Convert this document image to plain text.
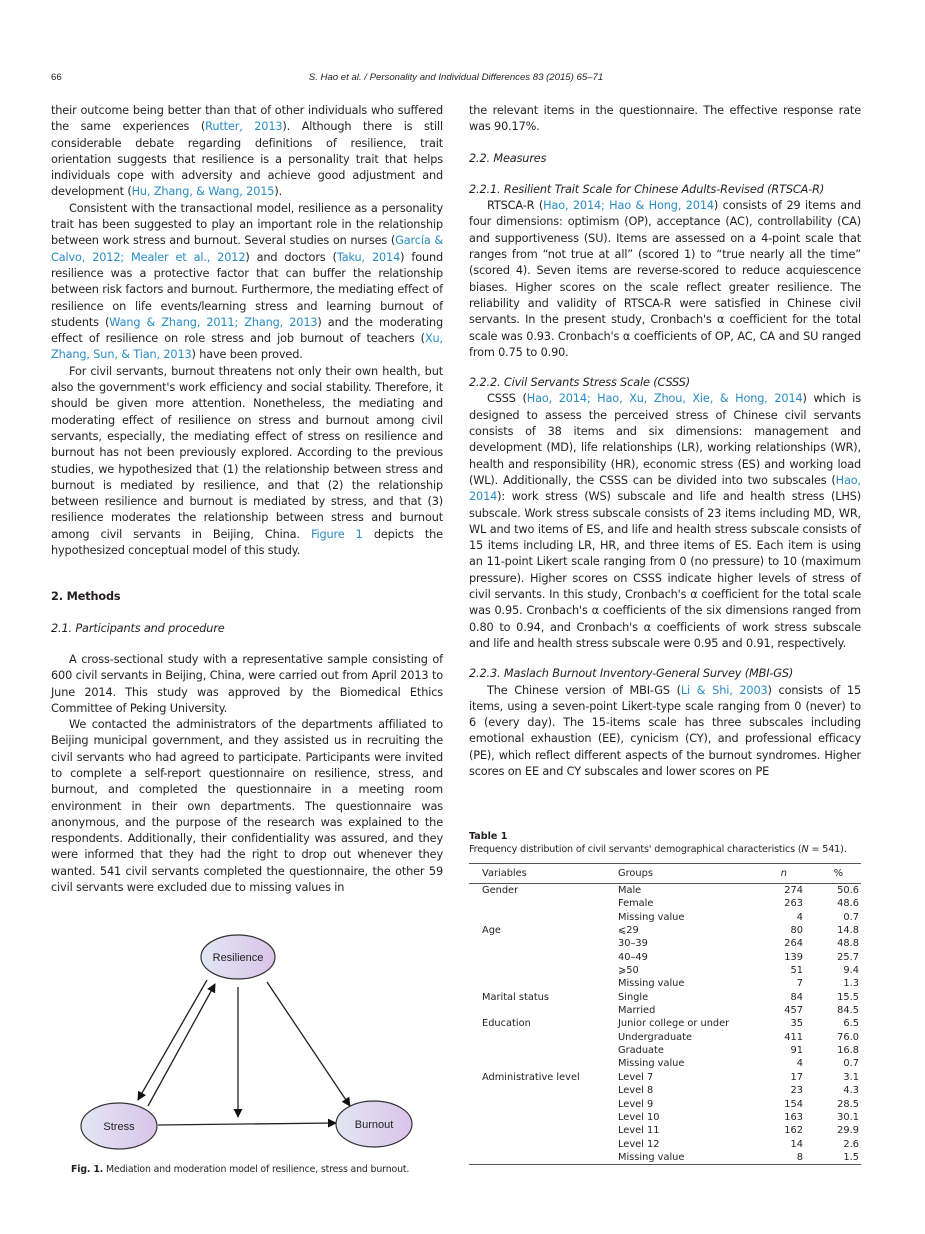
66	S. Hao et al. / Personality and Individual Differences 83 (2015) 65–71

their outcome being better than that of other individuals who suffered the same experiences (Rutter, 2013). Although there is still considerable debate regarding definitions of resilience, trait orientation suggests that resilience is a personality trait that helps individuals cope with adversity and achieve good adjustment and development (Hu, Zhang, & Wang, 2015).

Consistent with the transactional model, resilience as a personality trait has been suggested to play an important role in the relationship between work stress and burnout. Several studies on nurses (García & Calvo, 2012; Mealer et al., 2012) and doctors (Taku, 2014) found resilience was a protective factor that can buffer the relationship between risk factors and burnout. Furthermore, the mediating effect of resilience on life events/learning stress and learning burnout of students (Wang & Zhang, 2011; Zhang, 2013) and the moderating effect of resilience on role stress and job burnout of teachers (Xu, Zhang, Sun, & Tian, 2013) have been proved.

For civil servants, burnout threatens not only their own health, but also the government's work efficiency and social stability. Therefore, it should be given more attention. Nonetheless, the mediating and moderating effect of resilience on stress and burnout among civil servants, especially, the mediating effect of stress on resilience and burnout has not been previously explored. According to the previous studies, we hypothesized that (1) the relationship between stress and burnout is mediated by resilience, and that (2) the relationship between resilience and burnout is mediated by stress, and that (3) resilience moderates the relationship between stress and burnout among civil servants in Beijing, China. Figure 1 depicts the hypothesized conceptual model of this study.

2. Methods

2.1. Participants and procedure

A cross-sectional study with a representative sample consisting of 600 civil servants in Beijing, China, were carried out from April 2013 to June 2014. This study was approved by the Biomedical Ethics Committee of Peking University.

We contacted the administrators of the departments affiliated to Beijing municipal government, and they assisted us in recruiting the civil servants who had agreed to participate. Participants were invited to complete a self-report questionnaire on resilience, stress, and burnout, and completed the questionnaire in a meeting room environment in their own departments. The questionnaire was anonymous, and the purpose of the research was explained to the respondents. Additionally, their confidentiality was assured, and they were informed that they had the right to drop out whenever they wanted. 541 civil servants completed the questionnaire, the other 59 civil servants were excluded due to missing values in

Resilience
Stress	Burnout
Fig. 1. Mediation and moderation model of resilience, stress and burnout.

the relevant items in the questionnaire. The effective response rate was 90.17%.

2.2. Measures

2.2.1. Resilient Trait Scale for Chinese Adults-Revised (RTSCA-R)

RTSCA-R (Hao, 2014; Hao & Hong, 2014) consists of 29 items and four dimensions: optimism (OP), acceptance (AC), controllability (CA) and supportiveness (SU). Items are assessed on a 4-point scale that ranges from “not true at all” (scored 1) to “true nearly all the time” (scored 4). Seven items are reverse-scored to reduce acquiescence biases. Higher scores on the scale reflect greater resilience. The reliability and validity of RTSCA-R were satisfied in Chinese civil servants. In the present study, Cronbach's α coefficient for the total scale was 0.93. Cronbach's α coefficients of OP, AC, CA and SU ranged from 0.75 to 0.90.

2.2.2. Civil Servants Stress Scale (CSSS)

CSSS (Hao, 2014; Hao, Xu, Zhou, Xie, & Hong, 2014) which is designed to assess the perceived stress of Chinese civil servants consists of 38 items and six dimensions: management and development (MD), life relationships (LR), working relationships (WR), health and responsibility (HR), economic stress (ES) and working load (WL). Additionally, the CSSS can be divided into two subscales (Hao, 2014): work stress (WS) subscale and life and health stress (LHS) subscale. Work stress subscale consists of 23 items including MD, WR, WL and two items of ES, and life and health stress subscale consists of 15 items including LR, HR, and three items of ES. Each item is using an 11-point Likert scale ranging from 0 (no pressure) to 10 (maximum pressure). Higher scores on CSSS indicate higher levels of stress of civil servants. In this study, Cronbach's α coefficient for the total scale was 0.95. Cronbach's α coefficients of the six dimensions ranged from 0.80 to 0.94, and Cronbach's α coefficients of work stress subscale and life and health stress subscale were 0.95 and 0.91, respectively.

2.2.3. Maslach Burnout Inventory-General Survey (MBI-GS)

The Chinese version of MBI-GS (Li & Shi, 2003) consists of 15 items, using a seven-point Likert-type scale ranging from 0 (never) to 6 (every day). The 15-items scale has three subscales including emotional exhaustion (EE), cynicism (CY), and professional efficacy (PE), which reflect different aspects of the burnout syndromes. Higher scores on EE and CY subscales and lower scores on PE

Table 1
Frequency distribution of civil servants' demographical characteristics (N = 541).
Variables	Groups	n	%
Gender	Male	274	50.6
	Female	263	48.6
	Missing value	4	0.7
Age	⩽29	80	14.8
	30–39	264	48.8
	40–49	139	25.7
	⩾50	51	9.4
	Missing value	7	1.3
Marital status	Single	84	15.5
	Married	457	84.5
Education	Junior college or under	35	6.5
	Undergraduate	411	76.0
	Graduate	91	16.8
	Missing value	4	0.7
Administrative level	Level 7	17	3.1
	Level 8	23	4.3
	Level 9	154	28.5
	Level 10	163	30.1
	Level 11	162	29.9
	Level 12	14	2.6
	Missing value	8	1.5
